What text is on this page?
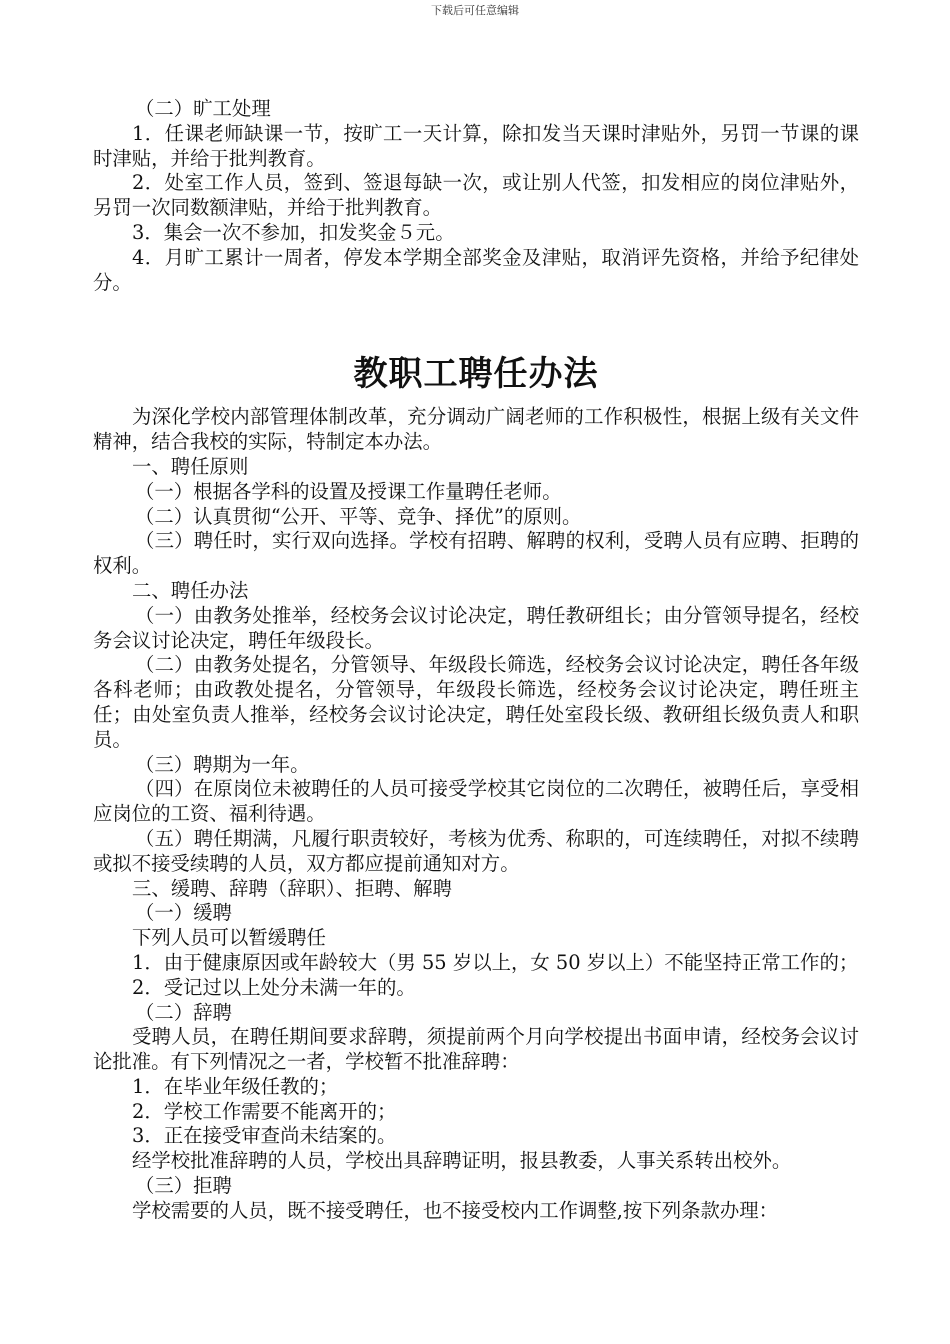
下载后可任意编辑

（二）旷工处理

1．任课老师缺课一节，按旷工一天计算，除扣发当天课时津贴外，另罚一节课的课时津贴，并给于批判教育。

2．处室工作人员，签到、签退每缺一次，或让别人代签，扣发相应的岗位津贴外，另罚一次同数额津贴，并给于批判教育。

3．集会一次不参加，扣发奖金５元。

4．月旷工累计一周者，停发本学期全部奖金及津贴，取消评先资格，并给予纪律处分。

教职工聘任办法

为深化学校内部管理体制改革，充分调动广阔老师的工作积极性，根据上级有关文件精神，结合我校的实际，特制定本办法。

一、聘任原则

（一）根据各学科的设置及授课工作量聘任老师。

（二）认真贯彻“公开、平等、竞争、择优”的原则。

（三）聘任时，实行双向选择。学校有招聘、解聘的权利，受聘人员有应聘、拒聘的权利。

二、聘任办法

（一）由教务处推举，经校务会议讨论决定，聘任教研组长；由分管领导提名，经校务会议讨论决定，聘任年级段长。

（二）由教务处提名，分管领导、年级段长筛选，经校务会议讨论决定，聘任各年级各科老师；由政教处提名，分管领导，年级段长筛选，经校务会议讨论决定，聘任班主任；由处室负责人推举，经校务会议讨论决定，聘任处室段长级、教研组长级负责人和职员。

（三）聘期为一年。

（四）在原岗位未被聘任的人员可接受学校其它岗位的二次聘任，被聘任后，享受相应岗位的工资、福利待遇。

（五）聘任期满，凡履行职责较好，考核为优秀、称职的，可连续聘任，对拟不续聘或拟不接受续聘的人员，双方都应提前通知对方。

三、缓聘、辞聘（辞职）、拒聘、解聘

（一）缓聘

下列人员可以暂缓聘任

1．由于健康原因或年龄较大（男 55 岁以上，女 50 岁以上）不能坚持正常工作的；

2．受记过以上处分未满一年的。

（二）辞聘

受聘人员，在聘任期间要求辞聘，须提前两个月向学校提出书面申请，经校务会议讨论批准。有下列情况之一者，学校暂不批准辞聘：

1．在毕业年级任教的；

2．学校工作需要不能离开的；

3．正在接受审查尚未结案的。

经学校批准辞聘的人员，学校出具辞聘证明，报县教委，人事关系转出校外。

（三）拒聘

学校需要的人员，既不接受聘任，也不接受校内工作调整,按下列条款办理：
